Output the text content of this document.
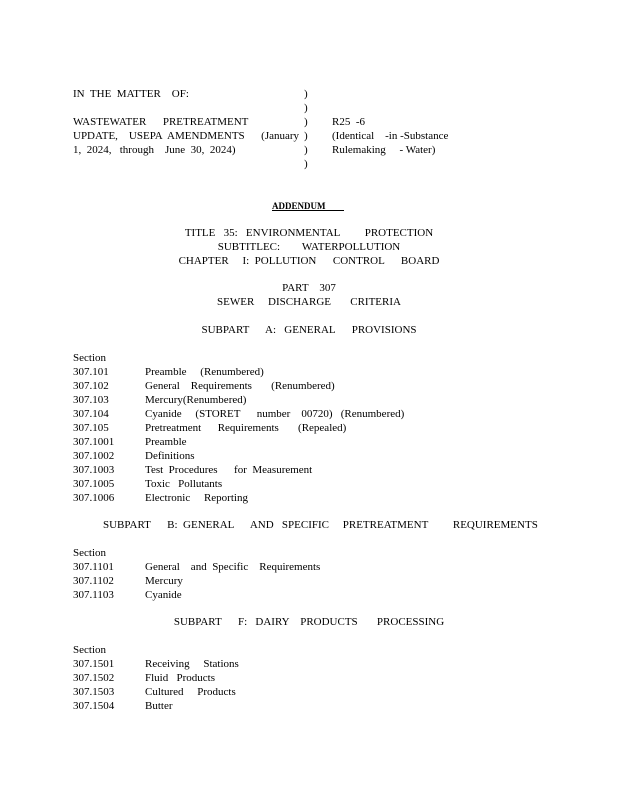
IN  THE  MATTER    OF:
WASTEWATER      PRETREATMENT
UPDATE,    USEPA  AMENDMENTS      (January
1,  2024,   through    June  30,  2024)
)
)
)
)
)
)
R25  -6
(Identical    -in -Substance
Rulemaking     - Water)
ADDENDUM
TITLE   35:   ENVIRONMENTAL         PROTECTION
SUBTITLEC:        WATERPOLLUTION
CHAPTER     I:  POLLUTION      CONTROL      BOARD
PART    307
SEWER     DISCHARGE       CRITERIA
SUBPART      A:   GENERAL      PROVISIONS
Section
307.101	Preamble     (Renumbered)
307.102	General    Requirements       (Renumbered)
307.103	Mercury(Renumbered)
307.104	Cyanide     (STORET      number    00720)   (Renumbered)
307.105	Pretreatment      Requirements       (Repealed)
307.1001	Preamble
307.1002	Definitions
307.1003	Test  Procedures      for  Measurement
307.1005	Toxic   Pollutants
307.1006	Electronic     Reporting
SUBPART      B:  GENERAL      AND   SPECIFIC     PRETREATMENT         REQUIREMENTS
Section
307.1101	General    and  Specific    Requirements
307.1102	Mercury
307.1103	Cyanide
SUBPART      F:   DAIRY    PRODUCTS       PROCESSING
Section
307.1501	Receiving     Stations
307.1502	Fluid   Products
307.1503	Cultured     Products
307.1504	Butter
